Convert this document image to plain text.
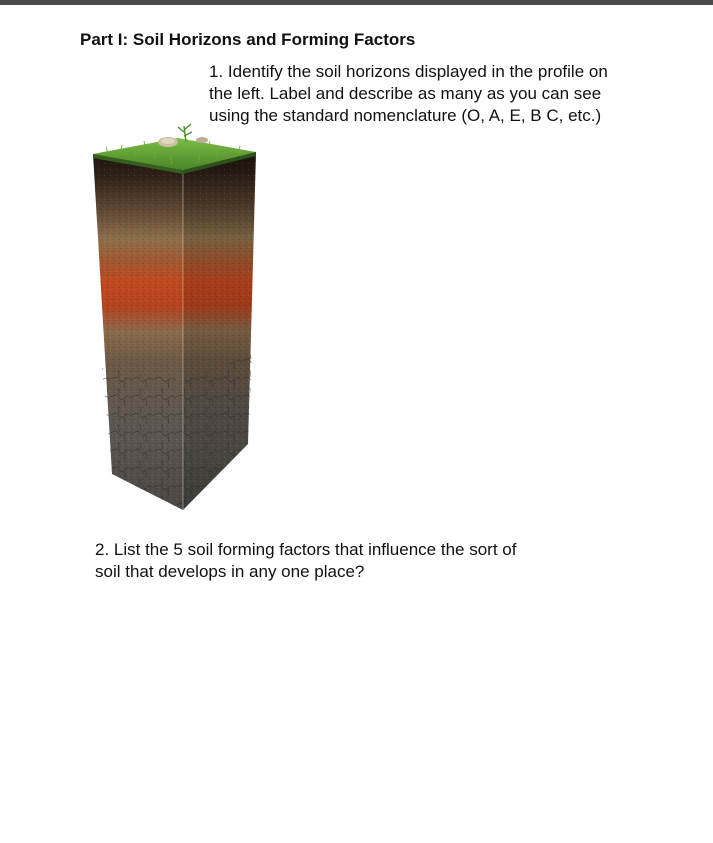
Part I: Soil Horizons and Forming Factors
1. Identify the soil horizons displayed in the profile on
the left. Label and describe as many as you can see
using the standard nomenclature (O, A, E, B C, etc.)
2. List the 5 soil forming factors that influence the sort of
soil that develops in any one place?
